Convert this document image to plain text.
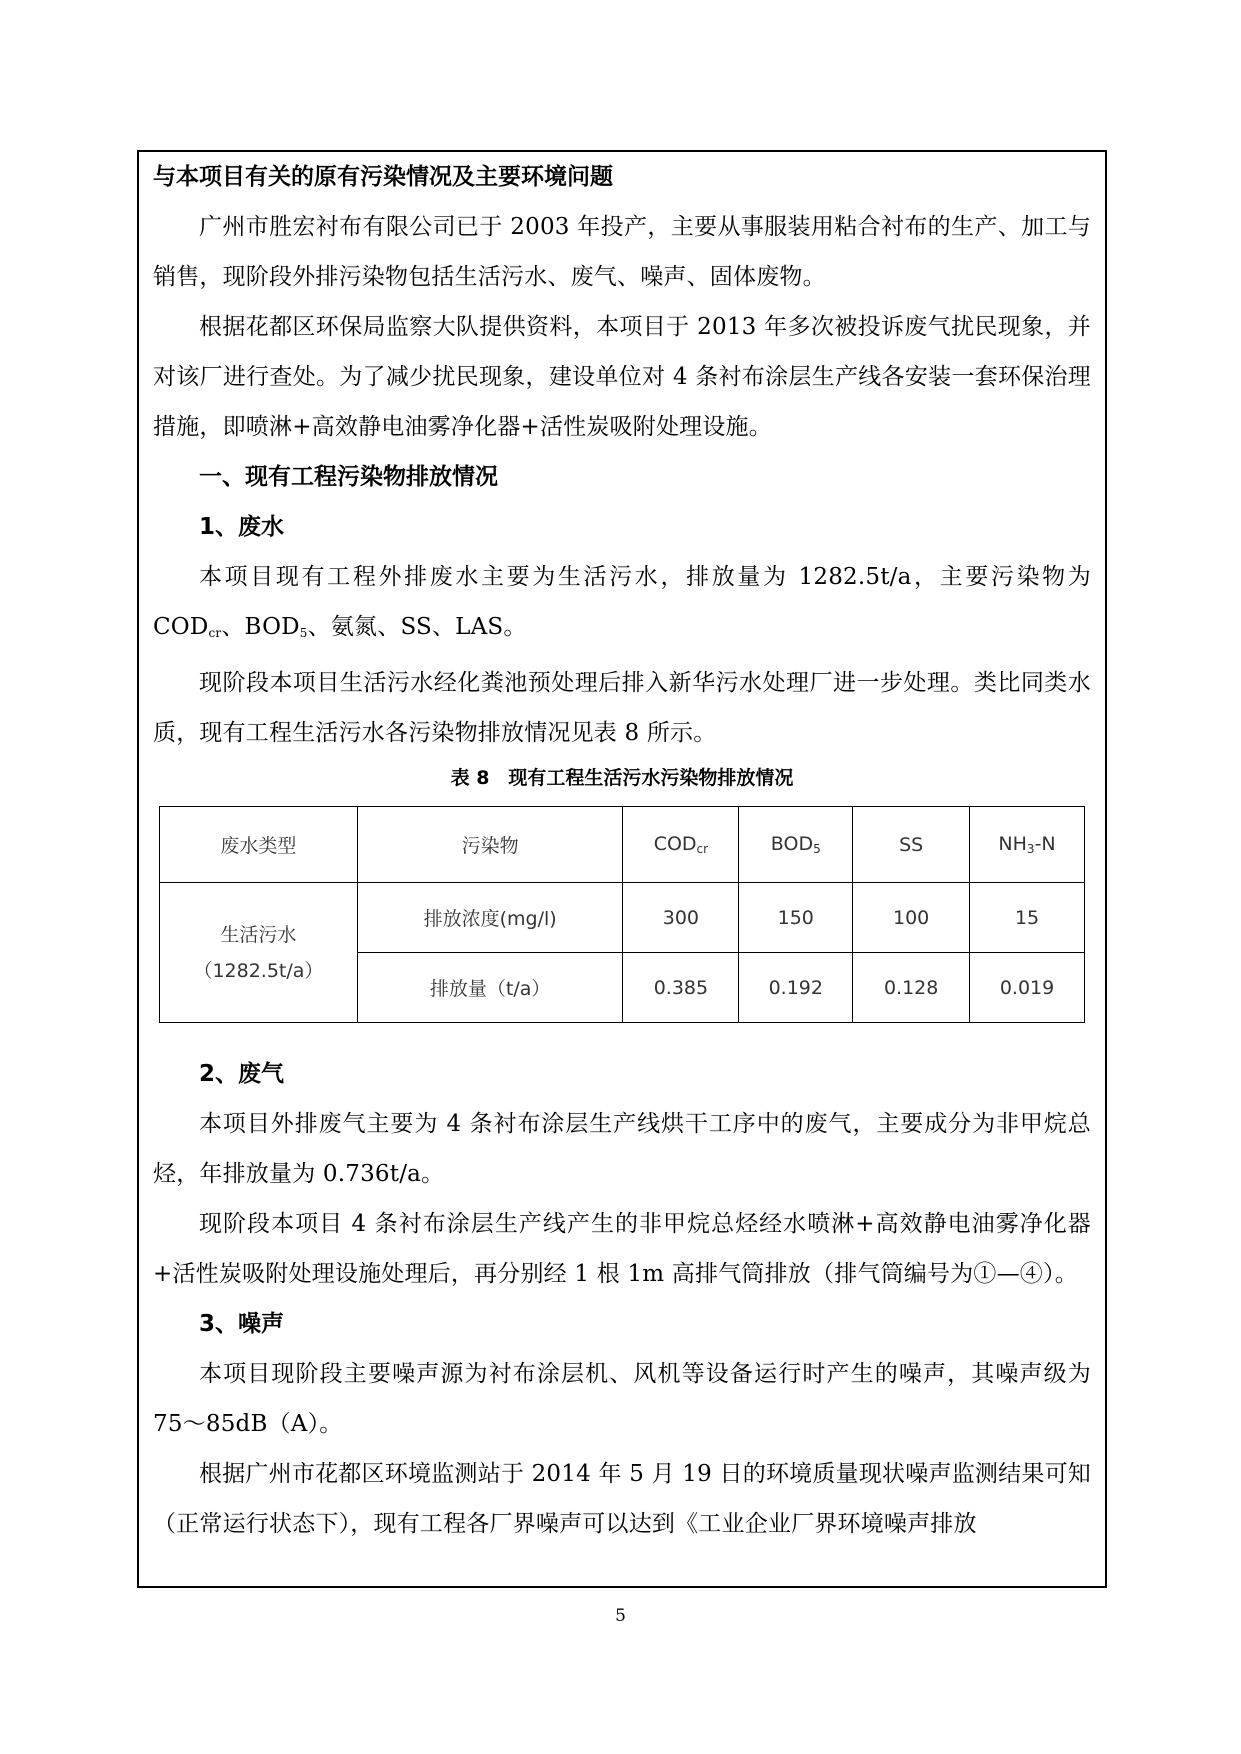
与本项目有关的原有污染情况及主要环境问题

广州市胜宏衬布有限公司已于 2003 年投产，主要从事服装用粘合衬布的生产、加工与销售，现阶段外排污染物包括生活污水、废气、噪声、固体废物。

根据花都区环保局监察大队提供资料，本项目于 2013 年多次被投诉废气扰民现象，并对该厂进行查处。为了减少扰民现象，建设单位对 4 条衬布涂层生产线各安装一套环保治理措施，即喷淋+高效静电油雾净化器+活性炭吸附处理设施。

一、现有工程污染物排放情况

1、废水

本项目现有工程外排废水主要为生活污水，排放量为 1282.5t/a，主要污染物为 $COD_{cr}$、$BOD_5$、氨氮、SS、LAS。

现阶段本项目生活污水经化粪池预处理后排入新华污水处理厂进一步处理。类比同类水质，现有工程生活污水各污染物排放情况见表 8 所示。

表 8　现有工程生活污水污染物排放情况

废水类型	污染物	$COD_{cr}$	$BOD_5$	SS	$NH_3-N$

生活污水
（1282.5t/a）	排放浓度(mg/l)	300	150	100	15
	排放量（t/a）	0.385	0.192	0.128	0.019

2、废气

本项目外排废气主要为 4 条衬布涂层生产线烘干工序中的废气，主要成分为非甲烷总烃，年排放量为 0.736t/a。

现阶段本项目 4 条衬布涂层生产线产生的非甲烷总烃经水喷淋+高效静电油雾净化器+活性炭吸附处理设施处理后，再分别经 1 根 1m 高排气筒排放（排气筒编号为①—④）。

3、噪声

本项目现阶段主要噪声源为衬布涂层机、风机等设备运行时产生的噪声，其噪声级为 75～85dB（A）。

根据广州市花都区环境监测站于 2014 年 5 月 19 日的环境质量现状噪声监测结果可知（正常运行状态下），现有工程各厂界噪声可以达到《工业企业厂界环境噪声排放

5
